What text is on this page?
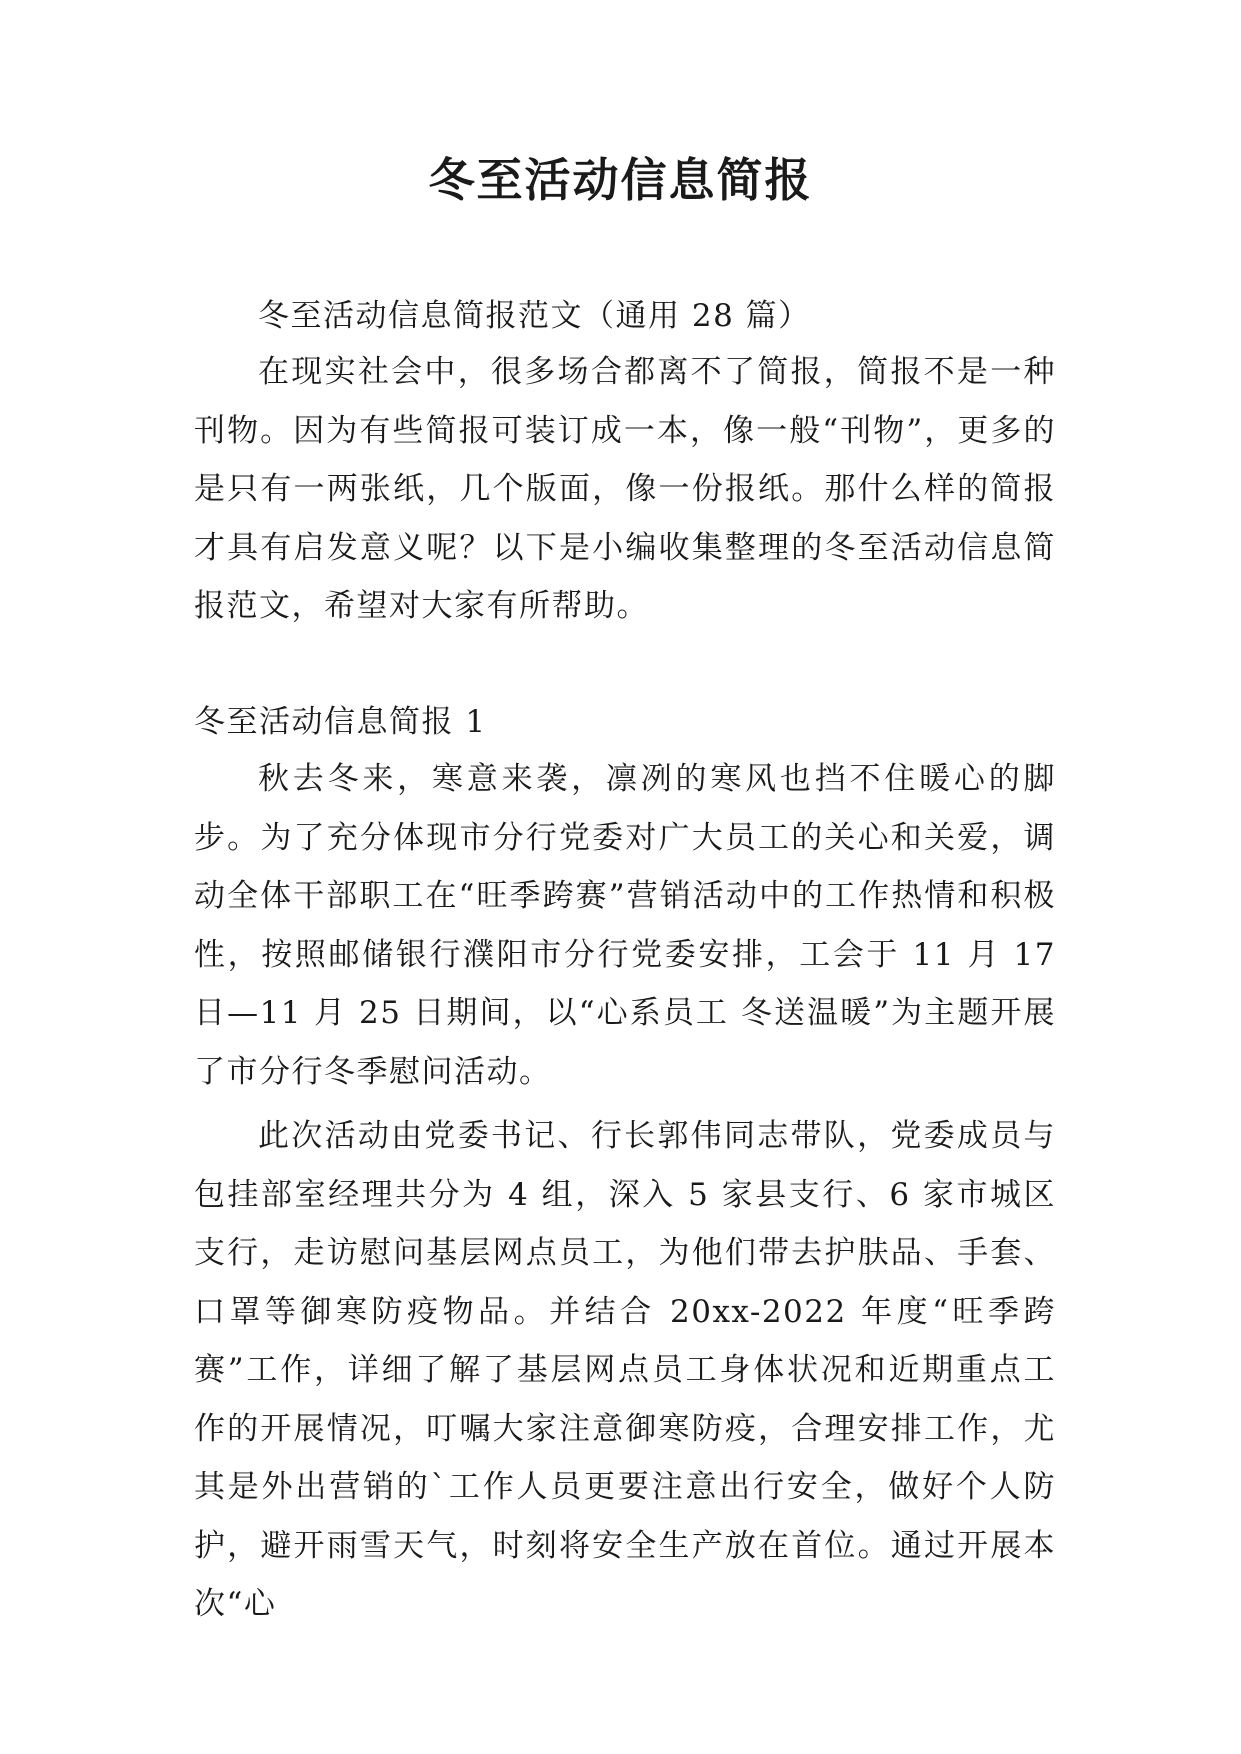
冬至活动信息简报

冬至活动信息简报范文（通用 28 篇）

在现实社会中，很多场合都离不了简报，简报不是一种刊物。因为有些简报可装订成一本，像一般“刊物”，更多的是只有一两张纸，几个版面，像一份报纸。那什么样的简报才具有启发意义呢？以下是小编收集整理的冬至活动信息简报范文，希望对大家有所帮助。

冬至活动信息简报 1

秋去冬来，寒意来袭，凛冽的寒风也挡不住暖心的脚步。为了充分体现市分行党委对广大员工的关心和关爱，调动全体干部职工在“旺季跨赛”营销活动中的工作热情和积极性，按照邮储银行濮阳市分行党委安排，工会于 11 月 17 日—11 月 25 日期间，以“心系员工 冬送温暖”为主题开展了市分行冬季慰问活动。

此次活动由党委书记、行长郭伟同志带队，党委成员与包挂部室经理共分为 4 组，深入 5 家县支行、6 家市城区支行，走访慰问基层网点员工，为他们带去护肤品、手套、口罩等御寒防疫物品。并结合 20xx-2022 年度“旺季跨赛”工作，详细了解了基层网点员工身体状况和近期重点工作的开展情况，叮嘱大家注意御寒防疫，合理安排工作，尤其是外出营销的`工作人员更要注意出行安全，做好个人防护，避开雨雪天气，时刻将安全生产放在首位。通过开展本次“心
